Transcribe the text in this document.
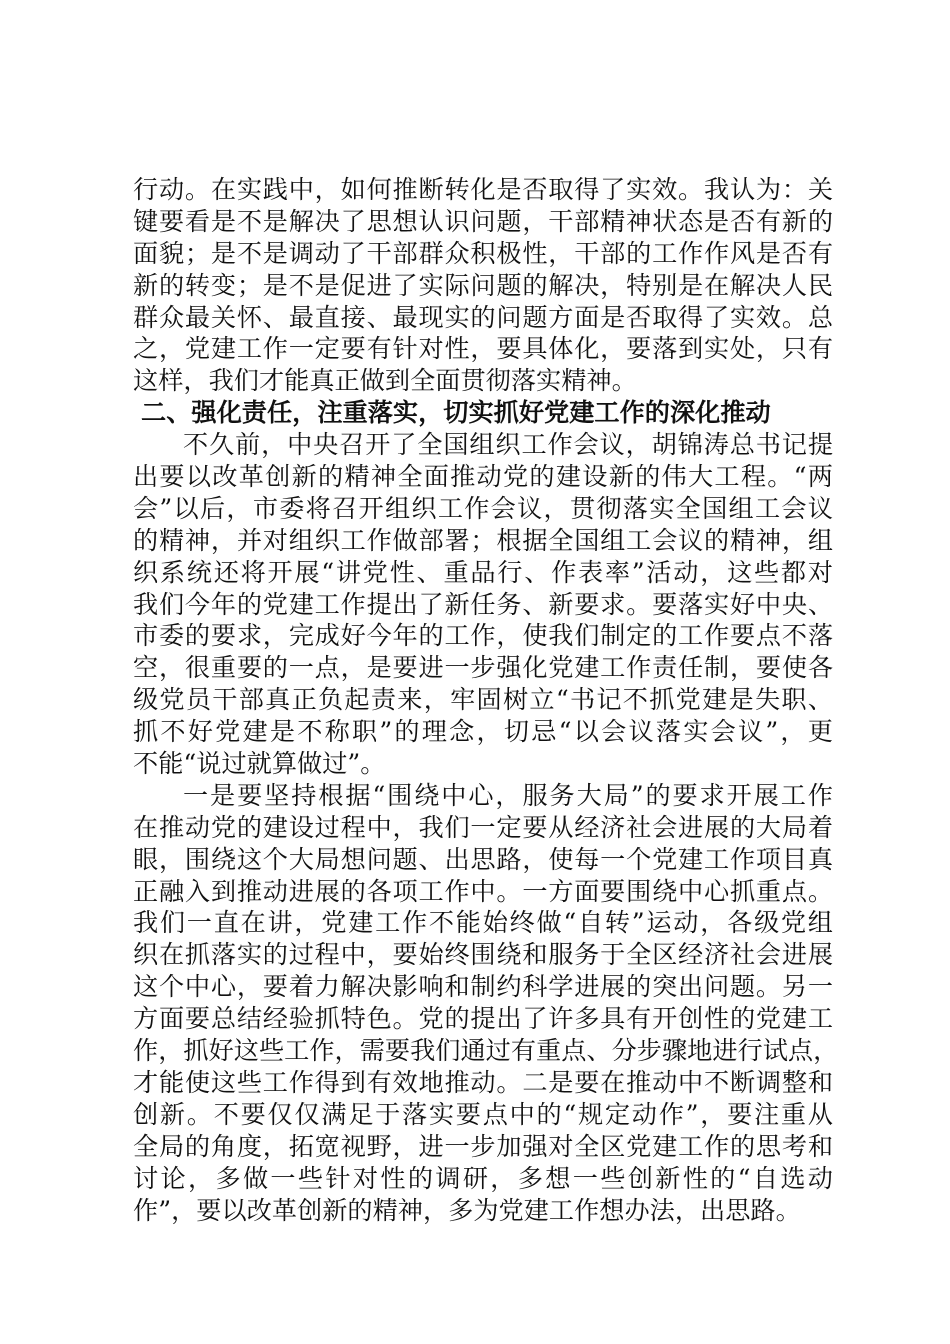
行动。在实践中，如何推断转化是否取得了实效。我认为：关
键要看是不是解决了思想认识问题，干部精神状态是否有新的
面貌；是不是调动了干部群众积极性，干部的工作作风是否有
新的转变；是不是促进了实际问题的解决，特别是在解决人民
群众最关怀、最直接、最现实的问题方面是否取得了实效。总
之，党建工作一定要有针对性，要具体化，要落到实处，只有
这样，我们才能真正做到全面贯彻落实精神。
二、强化责任，注重落实，切实抓好党建工作的深化推动
不久前，中央召开了全国组织工作会议，胡锦涛总书记提
出要以改革创新的精神全面推动党的建设新的伟大工程。“两
会”以后，市委将召开组织工作会议，贯彻落实全国组工会议
的精神，并对组织工作做部署；根据全国组工会议的精神，组
织系统还将开展“讲党性、重品行、作表率”活动，这些都对
我们今年的党建工作提出了新任务、新要求。要落实好中央、
市委的要求，完成好今年的工作，使我们制定的工作要点不落
空，很重要的一点，是要进一步强化党建工作责任制，要使各
级党员干部真正负起责来，牢固树立“书记不抓党建是失职、
抓不好党建是不称职”的理念，切忌“以会议落实会议”，更
不能“说过就算做过”。
一是要坚持根据“围绕中心，服务大局”的要求开展工作
在推动党的建设过程中，我们一定要从经济社会进展的大局着
眼，围绕这个大局想问题、出思路，使每一个党建工作项目真
正融入到推动进展的各项工作中。一方面要围绕中心抓重点。
我们一直在讲，党建工作不能始终做“自转”运动，各级党组
织在抓落实的过程中，要始终围绕和服务于全区经济社会进展
这个中心，要着力解决影响和制约科学进展的突出问题。另一
方面要总结经验抓特色。党的提出了许多具有开创性的党建工
作，抓好这些工作，需要我们通过有重点、分步骤地进行试点，
才能使这些工作得到有效地推动。二是要在推动中不断调整和
创新。不要仅仅满足于落实要点中的“规定动作”，要注重从
全局的角度，拓宽视野，进一步加强对全区党建工作的思考和
讨论，多做一些针对性的调研，多想一些创新性的“自选动
作”，要以改革创新的精神，多为党建工作想办法，出思路。
